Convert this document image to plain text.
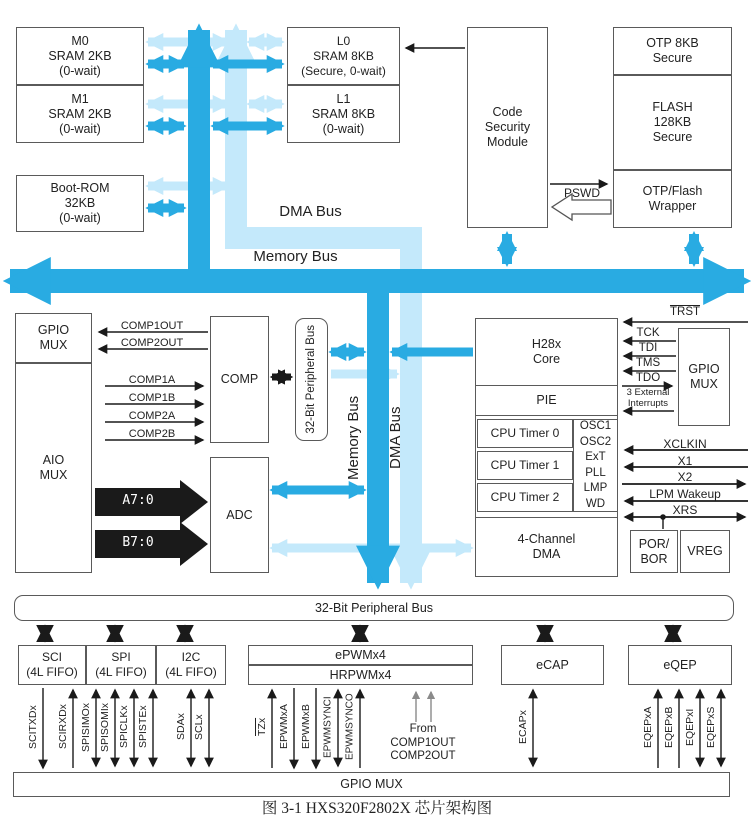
M0
SRAM 2KB
(0-wait)
M1
SRAM 2KB
(0-wait)
Boot-ROM
32KB
(0-wait)
L0
SRAM 8KB
(Secure, 0-wait)
L1
SRAM 8KB
(0-wait)
Code
Security
Module
OTP 8KB
Secure
FLASH
128KB
Secure
OTP/Flash
Wrapper
GPIO
MUX
AIO
MUX
COMP	32-Bit Peripheral Bus
ADC
H28x
Core
PIE
CPU Timer 0
CPU Timer 1
CPU Timer 2
OSC1
OSC2
ExT
PLL
LMP
WD
4-Channel
DMA
GPIO
MUX
POR/
BOR
VREG
32-Bit Peripheral Bus
SCI
(4L FIFO)
SPI
(4L FIFO)
I2C
(4L FIFO)
ePWMx4
HRPWMx4
eCAP	eQEP
GPIO MUX
DMA Bus
Memory Bus
Memory Bus DMA Bus
COMP1OUT
COMP2OUT
COMP1A
COMP1B
COMP2A
COMP2B
A7:0
B7:0
PSWD
TRST
TCK
TDI
TMS
TDO
3 External
Interrupts
XCLKIN
X1
X2
LPM Wakeup
XRS
SCITXDx SCIRXDx SPISIMOx SPISOMIx SPICLKx SPISTEx SDAx SCLx	TZx EPWMxA EPWMxB EPWMSYNCI EPWMSYNCO	ECAPx	EQEPxA EQEPxB EQEPxI EQEPxS
From
COMP1OUT
COMP2OUT
图 3-1 HXS320F2802X 芯片架构图
